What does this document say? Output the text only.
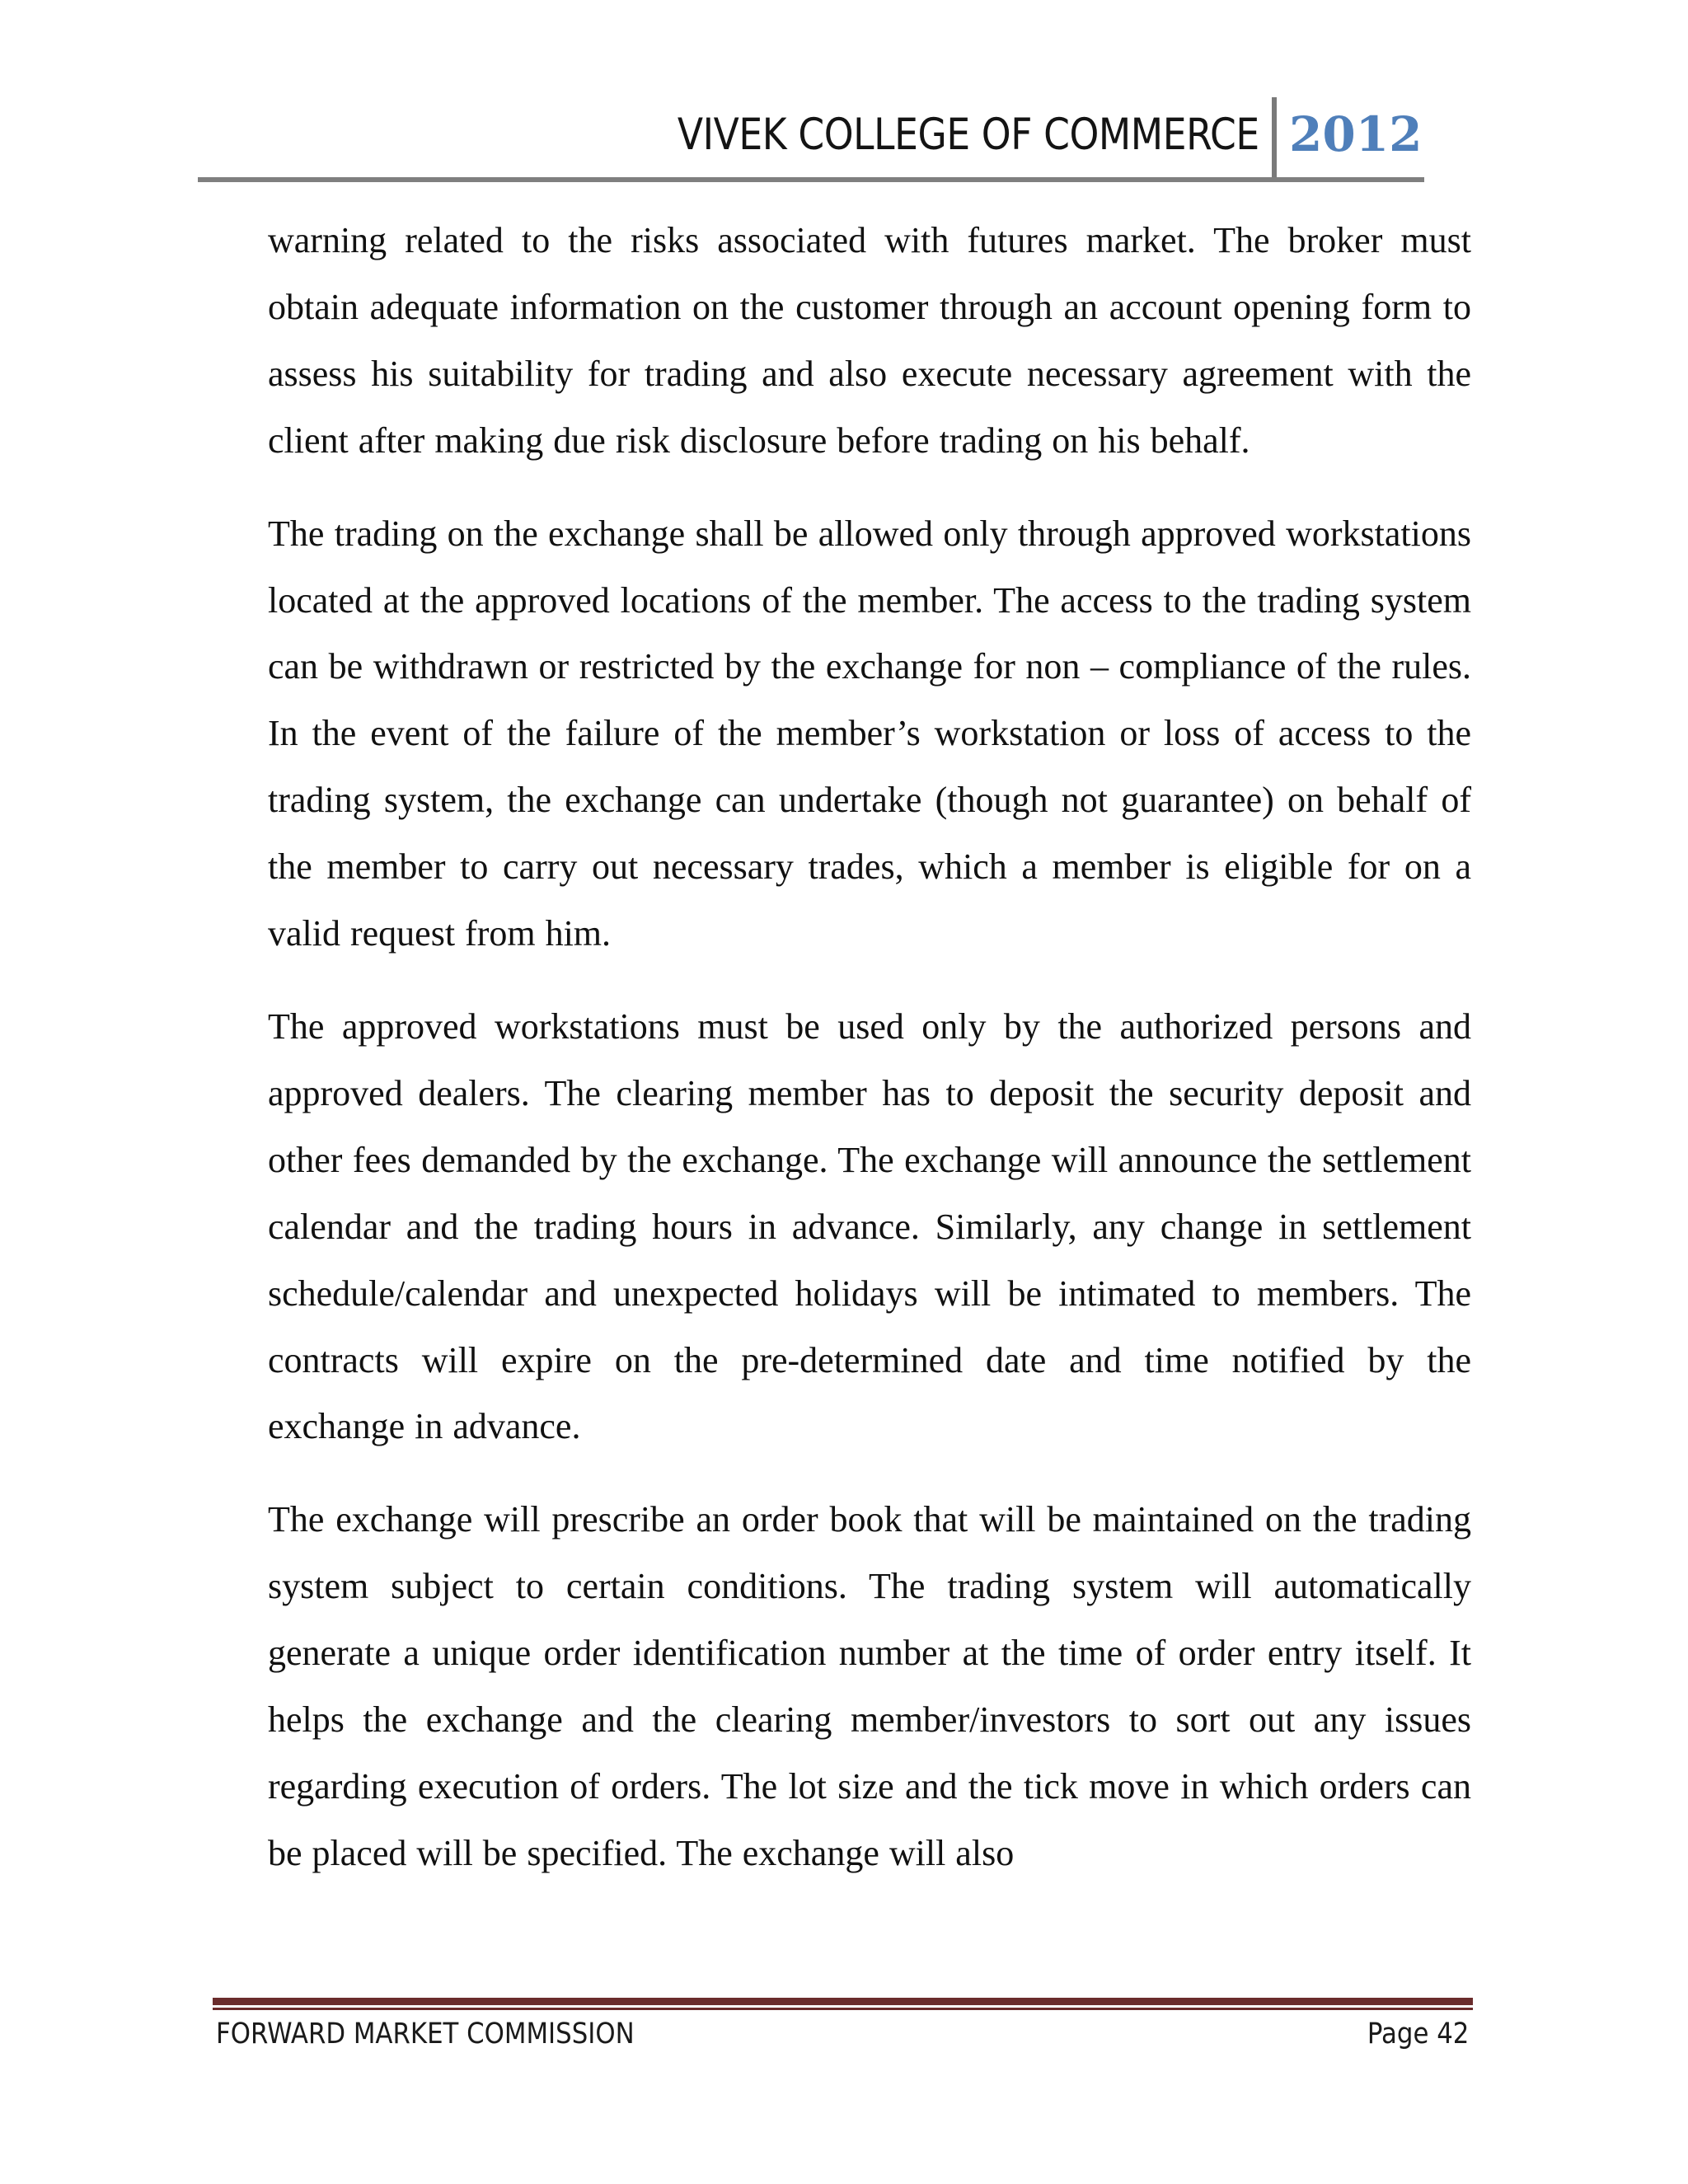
VIVEK COLLEGE OF COMMERCE 2012

warning related to the risks associated with futures market. The broker must obtain adequate information on the customer through an account opening form to assess his suitability for trading and also execute necessary agreement with the client after making due risk disclosure before trading on his behalf.

The trading on the exchange shall be allowed only through approved workstations located at the approved locations of the member. The access to the trading system can be withdrawn or restricted by the exchange for non – compliance of the rules. In the event of the failure of the member’s workstation or loss of access to the trading system, the exchange can undertake (though not guarantee) on behalf of the member to carry out necessary trades, which a member is eligible for on a valid request from him.

The approved workstations must be used only by the authorized persons and approved dealers. The clearing member has to deposit the security deposit and other fees demanded by the exchange. The exchange will announce the settlement calendar and the trading hours in advance. Similarly, any change in settlement schedule/calendar and unexpected holidays will be intimated to members. The contracts will expire on the pre-determined date and time notified by the exchange in advance.

The exchange will prescribe an order book that will be maintained on the trading system subject to certain conditions. The trading system will automatically generate a unique order identification number at the time of order entry itself. It helps the exchange and the clearing member/investors to sort out any issues regarding execution of orders. The lot size and the tick move in which orders can be placed will be specified. The exchange will also

FORWARD MARKET COMMISSION	Page 42
